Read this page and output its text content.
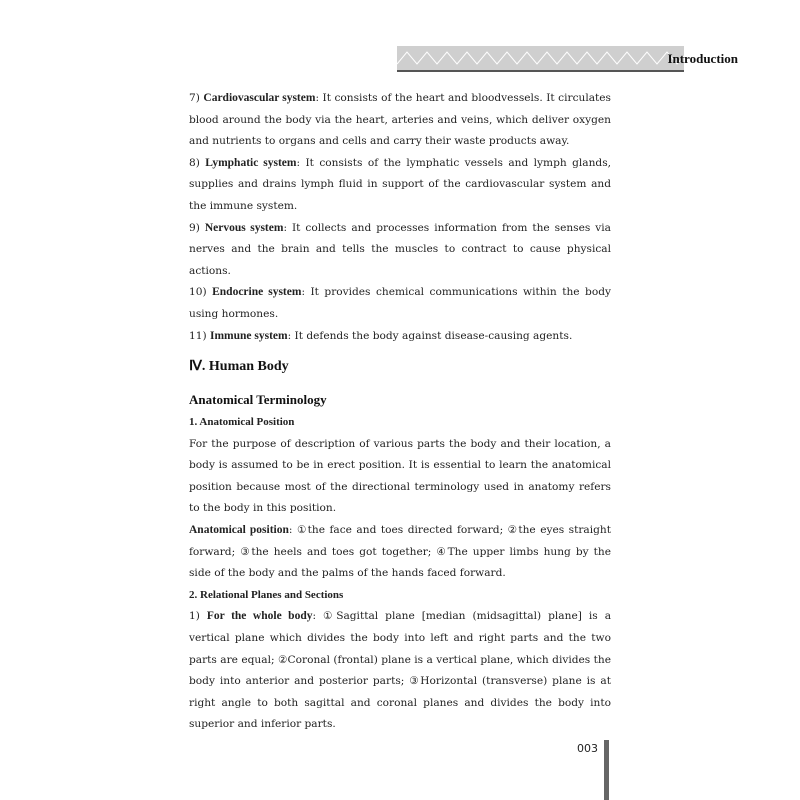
Introduction

7) Cardiovascular system: It consists of the heart and bloodvessels. It circulates blood around the body via the heart, arteries and veins, which deliver oxygen and nutrients to organs and cells and carry their waste products away.

8) Lymphatic system: It consists of the lymphatic vessels and lymph glands, supplies and drains lymph fluid in support of the cardiovascular system and the immune system.

9) Nervous system: It collects and processes information from the senses via nerves and the brain and tells the muscles to contract to cause physical actions.

10) Endocrine system: It provides chemical communications within the body using hormones.

11) Immune system: It defends the body against disease-causing agents.

Ⅳ. Human Body
Anatomical Terminology

1. Anatomical Position

For the purpose of description of various parts the body and their location, a body is assumed to be in erect position. It is essential to learn the anatomical position because most of the directional terminology used in anatomy refers to the body in this position.

Anatomical position: ①the face and toes directed forward; ②the eyes straight forward; ③the heels and toes got together; ④The upper limbs hung by the side of the body and the palms of the hands faced forward.

2. Relational Planes and Sections

1) For the whole body: ①Sagittal plane [median (midsagittal) plane] is a vertical plane which divides the body into left and right parts and the two parts are equal; ②Coronal (frontal) plane is a vertical plane, which divides the body into anterior and posterior parts; ③Horizontal (transverse) plane is at right angle to both sagittal and coronal planes and divides the body into superior and inferior parts.

003
